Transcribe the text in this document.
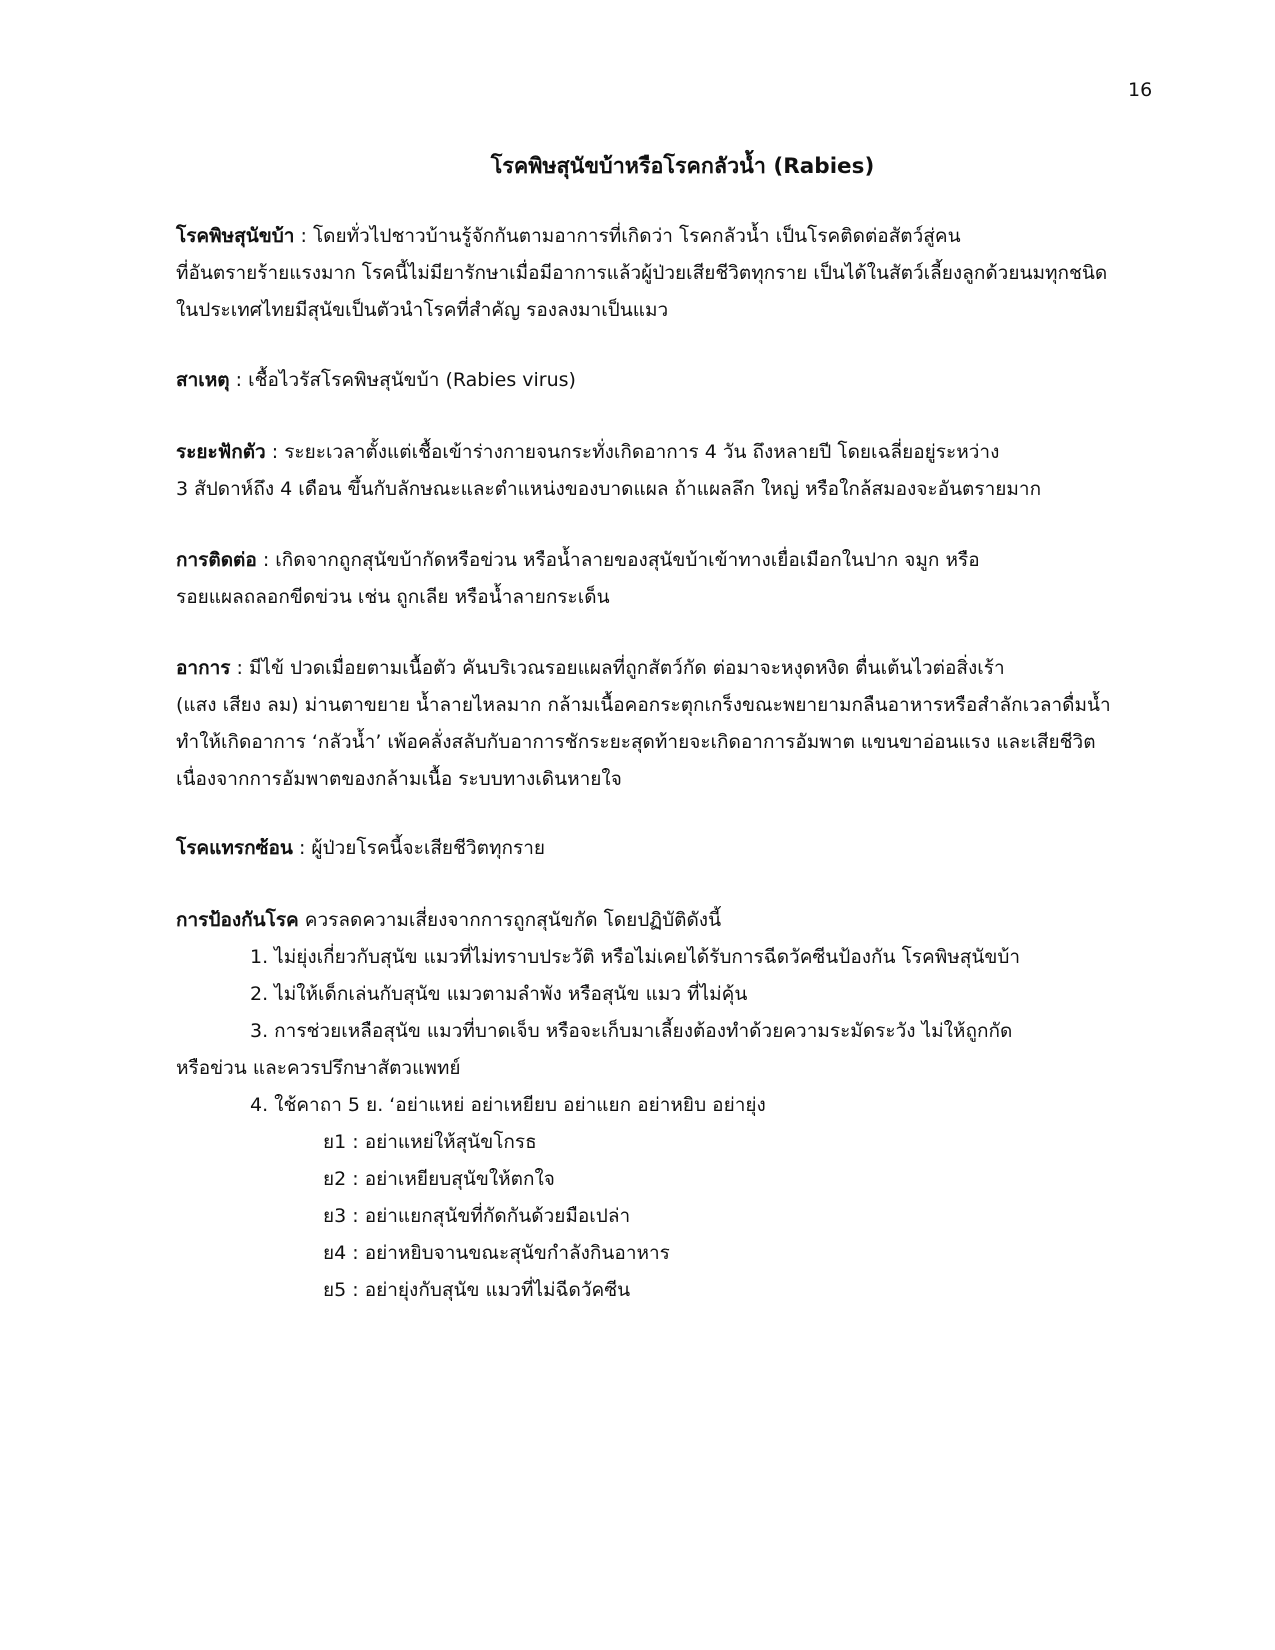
16
โรคพิษสุนัขบ้าหรือโรคกลัวน้ำ (Rabies)
โรคพิษสุนัขบ้า : โดยทั่วไปชาวบ้านรู้จักกันตามอาการที่เกิดว่า โรคกลัวน้ำ เป็นโรคติดต่อสัตว์สู่คน
ที่อันตรายร้ายแรงมาก โรคนี้ไม่มียารักษาเมื่อมีอาการแล้วผู้ป่วยเสียชีวิตทุกราย เป็นได้ในสัตว์เลี้ยงลูกด้วยนมทุกชนิด
ในประเทศไทยมีสุนัขเป็นตัวนำโรคที่สำคัญ รองลงมาเป็นแมว
สาเหตุ : เชื้อไวรัสโรคพิษสุนัขบ้า (Rabies virus)
ระยะฟักตัว : ระยะเวลาตั้งแต่เชื้อเข้าร่างกายจนกระทั่งเกิดอาการ 4 วัน ถึงหลายปี โดยเฉลี่ยอยู่ระหว่าง
3 สัปดาห์ถึง 4 เดือน ขึ้นกับลักษณะและตำแหน่งของบาดแผล ถ้าแผลลึก ใหญ่ หรือใกล้สมองจะอันตรายมาก
การติดต่อ : เกิดจากถูกสุนัขบ้ากัดหรือข่วน หรือน้ำลายของสุนัขบ้าเข้าทางเยื่อเมือกในปาก จมูก หรือ
รอยแผลถลอกขีดข่วน เช่น ถูกเลีย หรือน้ำลายกระเด็น
อาการ : มีไข้ ปวดเมื่อยตามเนื้อตัว คันบริเวณรอยแผลที่ถูกสัตว์กัด ต่อมาจะหงุดหงิด ตื่นเต้นไวต่อสิ่งเร้า
(แสง เสียง ลม) ม่านตาขยาย น้ำลายไหลมาก กล้ามเนื้อคอกระตุกเกร็งขณะพยายามกลืนอาหารหรือสำลักเวลาดื่มน้ำ
ทำให้เกิดอาการ ‘กลัวน้ำ’ เพ้อคลั่งสลับกับอาการชักระยะสุดท้ายจะเกิดอาการอัมพาต แขนขาอ่อนแรง และเสียชีวิต
เนื่องจากการอัมพาตของกล้ามเนื้อ ระบบทางเดินหายใจ
โรคแทรกซ้อน : ผู้ป่วยโรคนี้จะเสียชีวิตทุกราย
การป้องกันโรค ควรลดความเสี่ยงจากการถูกสุนัขกัด โดยปฏิบัติดังนี้
1. ไม่ยุ่งเกี่ยวกับสุนัข แมวที่ไม่ทราบประวัติ หรือไม่เคยได้รับการฉีดวัคซีนป้องกัน โรคพิษสุนัขบ้า
2. ไม่ให้เด็กเล่นกับสุนัข แมวตามลำพัง หรือสุนัข แมว ที่ไม่คุ้น
3. การช่วยเหลือสุนัข แมวที่บาดเจ็บ หรือจะเก็บมาเลี้ยงต้องทำด้วยความระมัดระวัง ไม่ให้ถูกกัด
หรือข่วน และควรปรึกษาสัตวแพทย์
4. ใช้คาถา 5 ย. ‘อย่าแหย่ อย่าเหยียบ อย่าแยก อย่าหยิบ อย่ายุ่ง
ย1 : อย่าแหย่ให้สุนัขโกรธ
ย2 : อย่าเหยียบสุนัขให้ตกใจ
ย3 : อย่าแยกสุนัขที่กัดกันด้วยมือเปล่า
ย4 : อย่าหยิบจานขณะสุนัขกำลังกินอาหาร
ย5 : อย่ายุ่งกับสุนัข แมวที่ไม่ฉีดวัคซีน
